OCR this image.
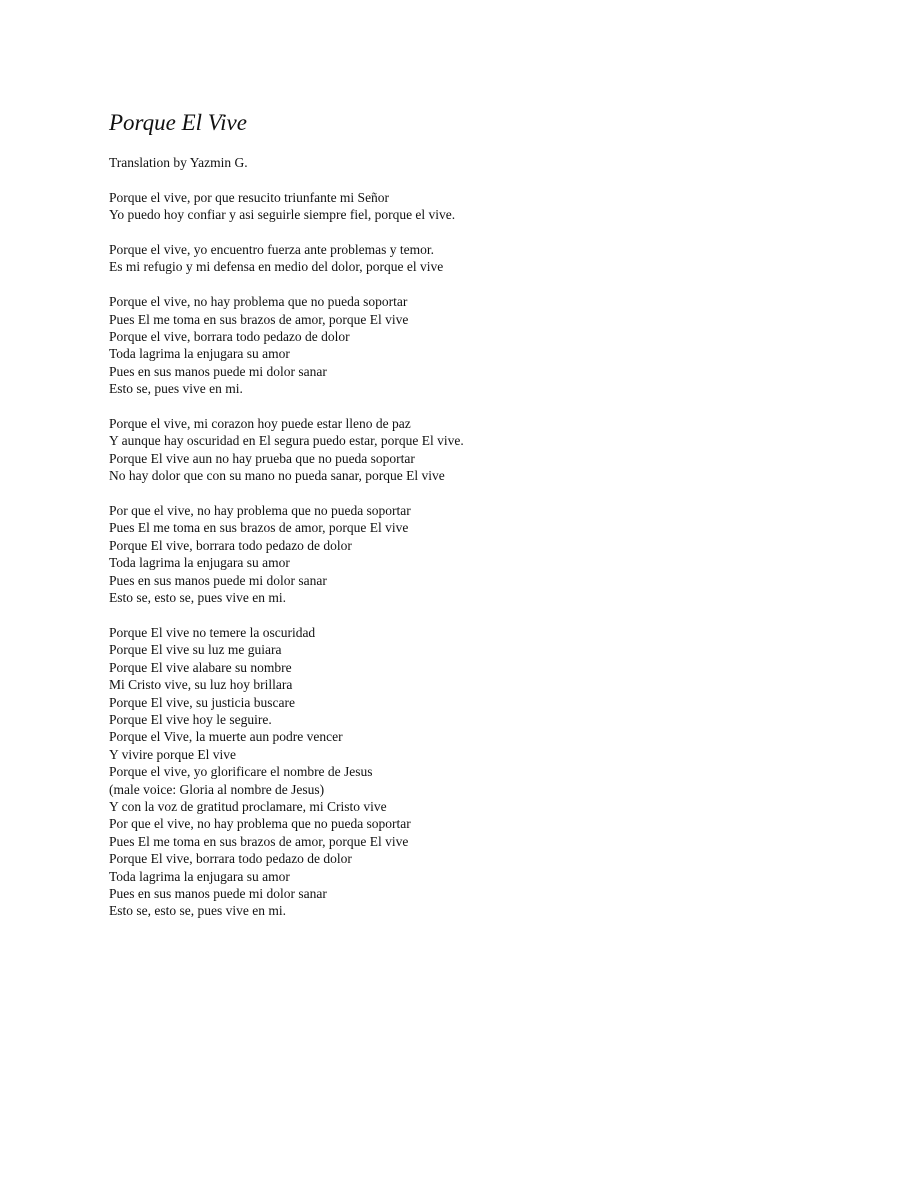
Porque El Vive
Translation by Yazmin G.
Porque el vive, por que resucito triunfante mi Señor
Yo puedo hoy confiar y asi seguirle siempre fiel, porque el vive.
Porque el vive, yo encuentro fuerza ante problemas y temor.
Es mi refugio y mi defensa en medio del dolor, porque el vive
Porque el vive, no hay problema que no pueda soportar
Pues El me toma en sus brazos de amor, porque El vive
Porque el vive, borrara todo pedazo de dolor
Toda lagrima la enjugara su amor
Pues en sus manos puede mi dolor sanar
Esto se, pues vive en mi.
Porque el vive, mi corazon hoy puede estar lleno de paz
Y aunque hay oscuridad en El segura puedo estar, porque El vive.
Porque El vive aun no hay prueba que no pueda soportar
No hay dolor que con su mano no pueda sanar, porque El vive
Por que el vive, no hay problema que no pueda soportar
Pues El me toma en sus brazos de amor, porque El vive
Porque El vive, borrara todo pedazo de dolor
Toda lagrima la enjugara su amor
Pues en sus manos puede mi dolor sanar
Esto se, esto se, pues vive en mi.
Porque El vive no temere la oscuridad
Porque El vive su luz me guiara
Porque El vive alabare su nombre
Mi Cristo vive, su luz hoy brillara
Porque El vive, su justicia buscare
Porque El vive hoy le seguire.
Porque el Vive, la muerte aun podre vencer
Y vivire porque El vive
Porque el vive, yo glorificare el nombre de Jesus
(male voice: Gloria al nombre de Jesus)
Y con la voz de gratitud proclamare, mi Cristo vive
Por que el vive, no hay problema que no pueda soportar
Pues El me toma en sus brazos de amor, porque El vive
Porque El vive, borrara todo pedazo de dolor
Toda lagrima la enjugara su amor
Pues en sus manos puede mi dolor sanar
Esto se, esto se, pues vive en mi.
